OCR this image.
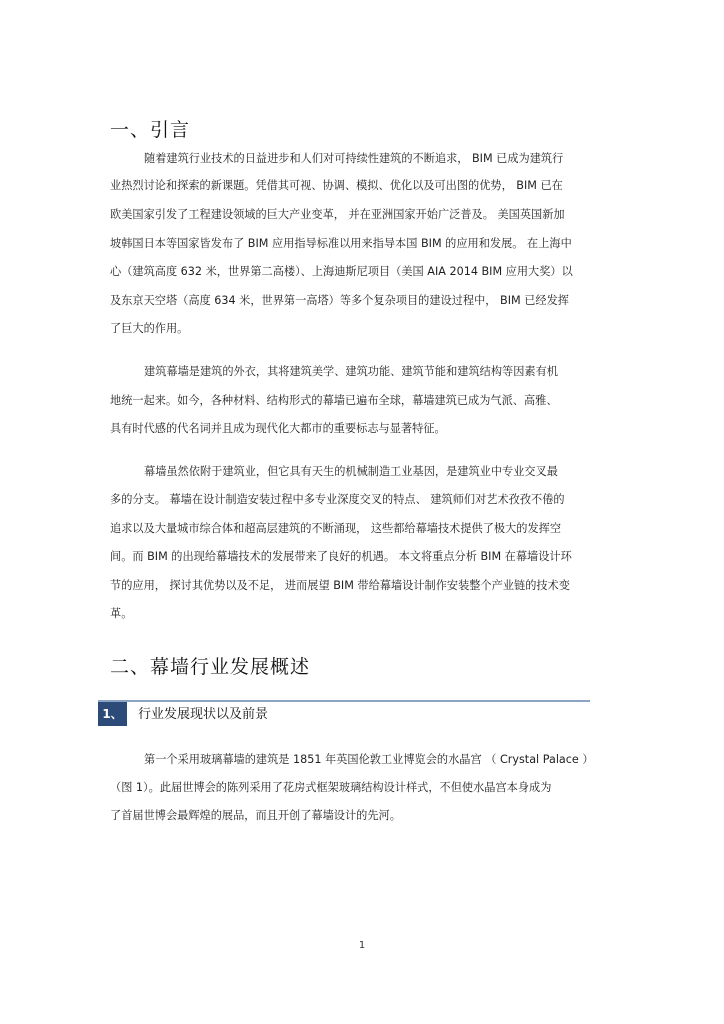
一、引言
随着建筑行业技术的日益进步和人们对可持续性建筑的不断追求， BIM 已成为建筑行
业热烈讨论和探索的新课题。凭借其可视、协调、模拟、优化以及可出图的优势， BIM 已在
欧美国家引发了工程建设领域的巨大产业变革， 并在亚洲国家开始广泛普及。 美国英国新加
坡韩国日本等国家皆发布了 BIM 应用指导标准以用来指导本国 BIM 的应用和发展。 在上海中
心（建筑高度 632 米，世界第二高楼）、上海迪斯尼项目（美国 AIA 2014 BIM 应用大奖）以
及东京天空塔（高度 634 米，世界第一高塔）等多个复杂项目的建设过程中， BIM 已经发挥
了巨大的作用。
建筑幕墙是建筑的外衣，其将建筑美学、建筑功能、建筑节能和建筑结构等因素有机
地统一起来。如今，各种材料、结构形式的幕墙已遍布全球，幕墙建筑已成为气派、高雅、
具有时代感的代名词并且成为现代化大都市的重要标志与显著特征。
幕墙虽然依附于建筑业，但它具有天生的机械制造工业基因，是建筑业中专业交叉最
多的分支。 幕墙在设计制造安装过程中多专业深度交叉的特点、 建筑师们对艺术孜孜不倦的
追求以及大量城市综合体和超高层建筑的不断涌现， 这些都给幕墙技术提供了极大的发挥空
间。而 BIM 的出现给幕墙技术的发展带来了良好的机遇。 本文将重点分析 BIM 在幕墙设计环
节的应用， 探讨其优势以及不足， 进而展望 BIM 带给幕墙设计制作安装整个产业链的技术变
革。
二、幕墙行业发展概述
1、	行业发展现状以及前景
第一个采用玻璃幕墙的建筑是 1851 年英国伦敦工业博览会的水晶宫 （ Crystal Palace ）
（图 1）。此届世博会的陈列采用了花房式框架玻璃结构设计样式，不但使水晶宫本身成为
了首届世博会最辉煌的展品，而且开创了幕墙设计的先河。
1
